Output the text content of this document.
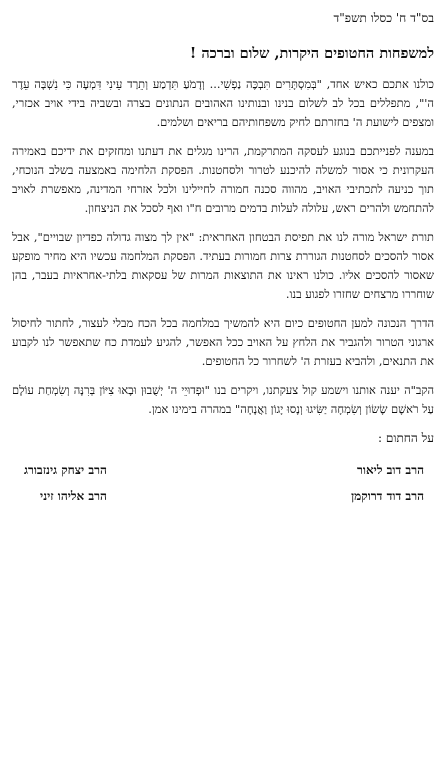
בס"ד ח' כסלו תשפ"ד
למשפחות החטופים היקרות, שלום וברכה !

כולנו אתכם כאיש אחד, "בְּמִסְתָּרִים תִּבְכֶּה נַפְשִׁי... וְדָמֹעַ תִּדְמַע וְתֵרַד עֵינִי דִּמְעָה כִּי נִשְׁבָּה עֵדֶר ה'", מתפללים בכל לב לשלום בנינו ובנותינו האהובים הנתונים בצרה ובשביה בידי אויב אכזרי, ומצפים לישועת ה' בחזרתם לחיק משפחותיהם בריאים ושלמים.

במענה לפנייתכם בנוגע לעסקה המתרקמת, הרינו מגלים את דעתנו ומחזקים את ידיכם באמירה העקרונית כי אסור למשלה להיכנע לטרור ולסחטנות. הפסקת הלחימה באמצעה בשלב הנוכחי, תוך כניעה לתכתיבי האויב, מהווה סכנה חמורה לחיילינו ולכל אזרחי המדינה, מאפשרת לאויב להתחמש ולהרים ראש, עלולה לעלות בדמים מרובים ח"ו ואף לסכל את הניצחון.

תורת ישראל מורה לנו את תפיסת הבטחון האחראית: "אין לך מצוה גדולה כפדיון שבויים", אבל אסור להסכים לסחטנות הגוררת צרות חמורות בעתיד. הפסקת המלחמה עכשיו היא מחיר מופקע שאסור להסכים אליו. כולנו ראינו את התוצאות המרות של עסקאות בלתי-אחראיות בעבר, בהן שוחררו מרצחים שחזרו לפגוע בנו.

הדרך הנכונה למען החטופים כיום היא להמשיך במלחמה בכל הכח מבלי לעצור, לחתור לחיסול ארגוני הטרור ולהגביר את הלחץ על האויב ככל האפשר, להגיע לעמדת כח שתאפשר לנו לקבוע את התנאים, ולהביא בעזרת ה' לשחרור כל החטופים.

הקב"ה יענה אותנו וישמע קול צעקתנו, ויקרים בנו "וּפְדוּיֵי ה' יְשֻׁבוּן וּבָאוּ צִיּוֹן בְּרִנָּה וְשִׂמְחַת עוֹלָם עַל רֹאשָׁם שָׂשׂוֹן וְשִׂמְחָה יַשִּׂיגוּ וְנָסוּ יָגוֹן וַאֲנָחָה" במהרה בימינו אמן.

על החתום :
הרב דוב ליאור
הרב דוד דרוקמן
הרב יצחק גינזבורג
הרב אליהו זיני
